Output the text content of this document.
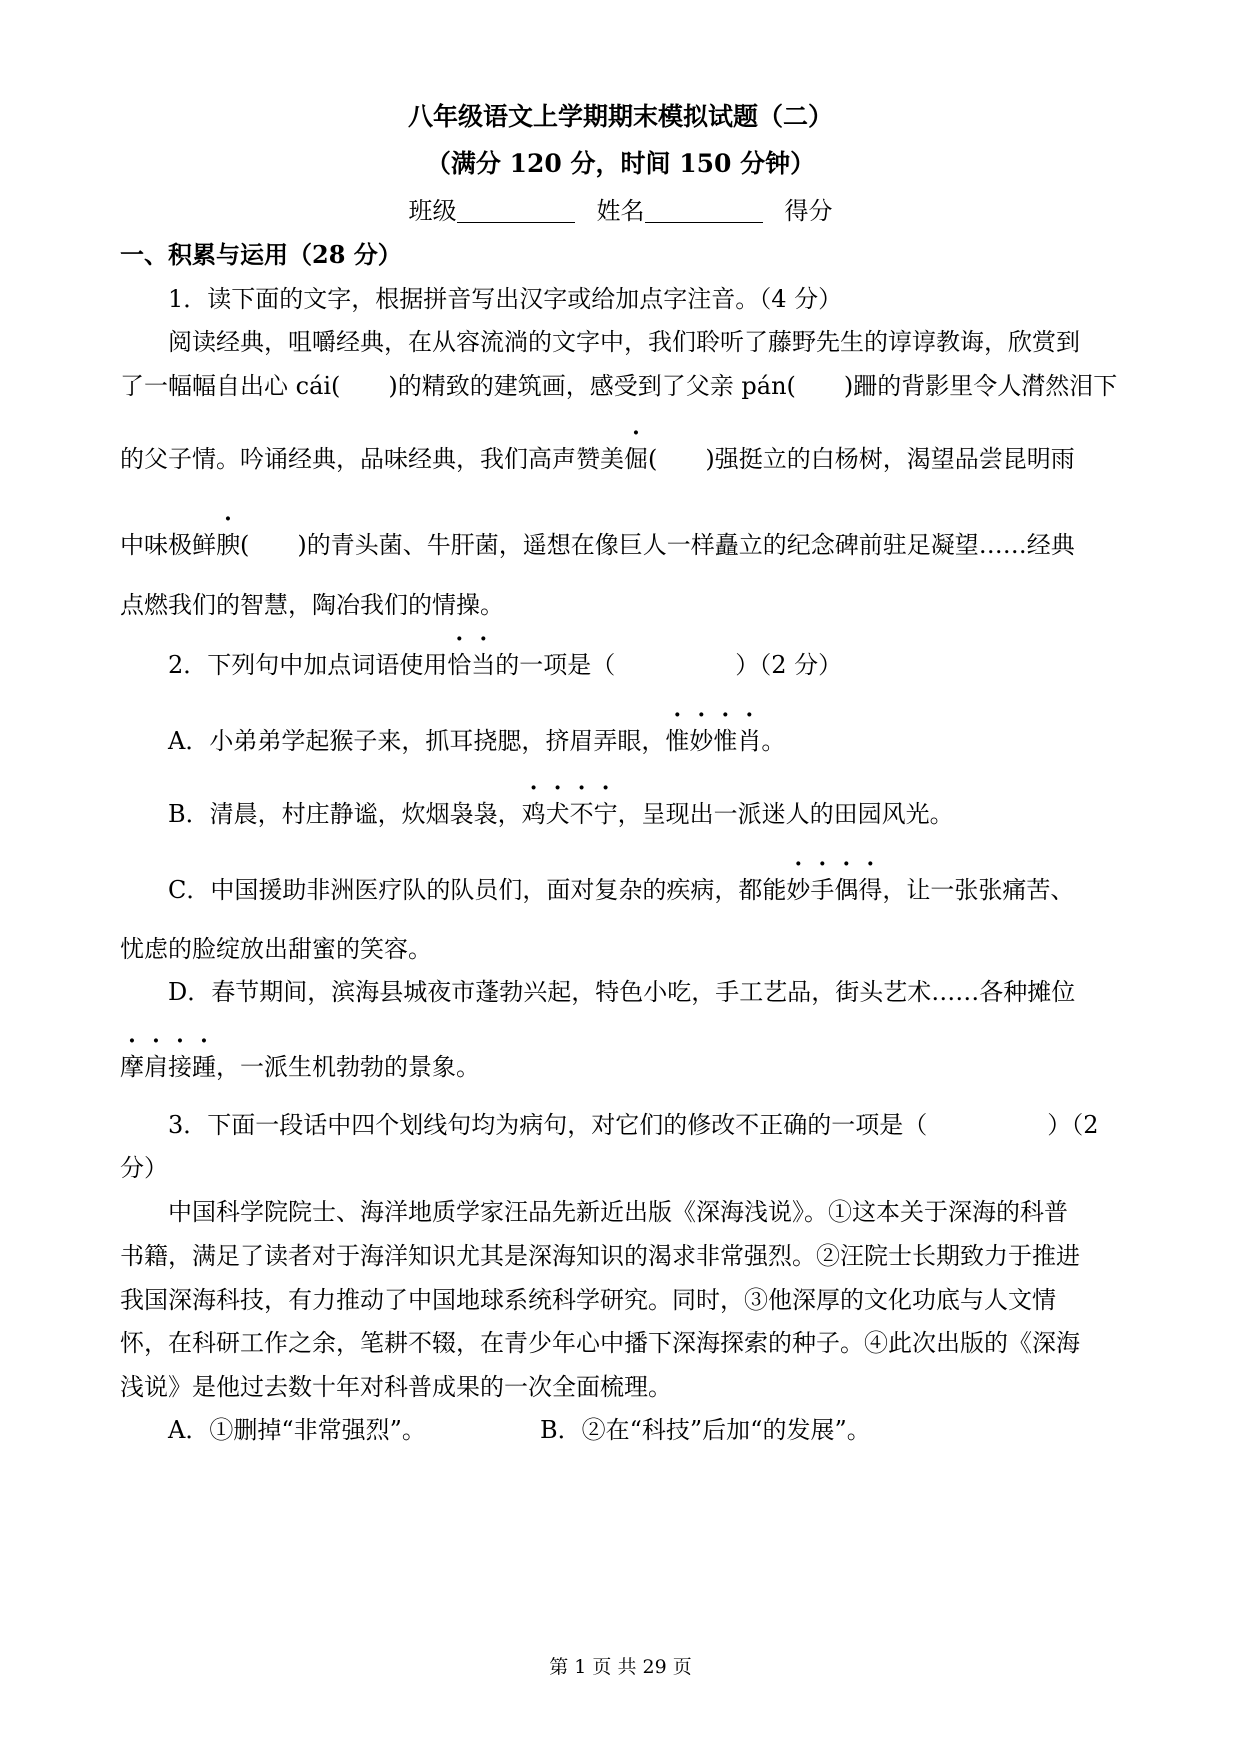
八年级语文上学期期末模拟试题（二）
（满分 120 分，时间 150 分钟）
班级	姓名	得分
一、积累与运用（28 分）
1．读下面的文字，根据拼音写出汉字或给加点字注音。（4 分）
阅读经典，咀嚼经典，在从容流淌的文字中，我们聆听了藤野先生的谆谆教诲，欣赏到
了一幅幅自出心 cái(　　)的精致的建筑画，感受到了父亲 pán(　　)跚的背影里令人潸然泪下
的父子情。吟诵经典，品味经典，我们高声赞美倔(　　)强挺立的白杨树，渴望品尝昆明雨
中味极鲜腴(　　)的青头菌、牛肝菌，遥想在像巨人一样矗立的纪念碑前驻足凝望……经典
点燃我们的智慧，陶冶我们的情操。
2．下列句中加点词语使用恰当的一项是（　　　　　）（2 分）
A．小弟弟学起猴子来，抓耳挠腮，挤眉弄眼，惟妙惟肖。
B．清晨，村庄静谧，炊烟袅袅，鸡犬不宁，呈现出一派迷人的田园风光。
C．中国援助非洲医疗队的队员们，面对复杂的疾病，都能妙手偶得，让一张张痛苦、
忧虑的脸绽放出甜蜜的笑容。
D．春节期间，滨海县城夜市蓬勃兴起，特色小吃，手工艺品，街头艺术……各种摊位
摩肩接踵，一派生机勃勃的景象。
3．下面一段话中四个划线句均为病句，对它们的修改不正确的一项是（　　　　　）（2
分）
中国科学院院士、海洋地质学家汪品先新近出版《深海浅说》。①这本关于深海的科普
书籍，满足了读者对于海洋知识尤其是深海知识的渴求非常强烈。②汪院士长期致力于推进
我国深海科技，有力推动了中国地球系统科学研究。同时，③他深厚的文化功底与人文情
怀，在科研工作之余，笔耕不辍，在青少年心中播下深海探索的种子。④此次出版的《深海
浅说》是他过去数十年对科普成果的一次全面梳理。
A．①删掉“非常强烈”。	B．②在“科技”后加“的发展”。
第 1 页 共 29 页
